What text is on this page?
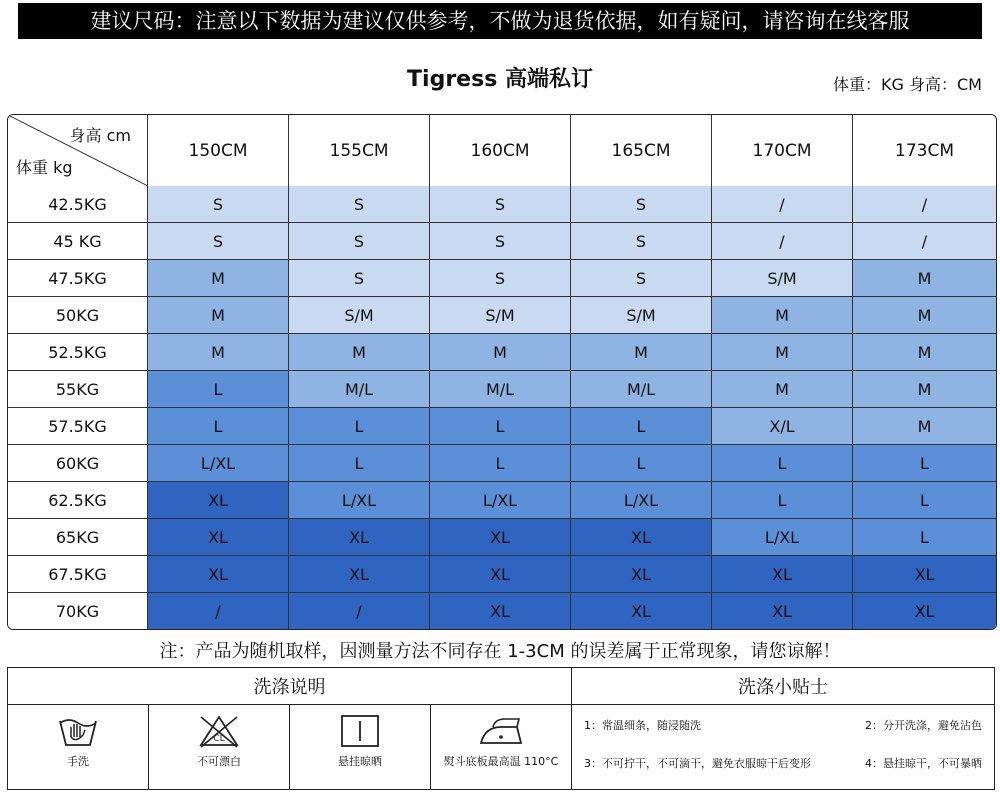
建议尺码：注意以下数据为建议仅供参考，不做为退货依据，如有疑问，请咨询在线客服
Tigress 高端私订	体重：KG 身高：CM
身高 cm
体重 kg	150CM	155CM	160CM	165CM	170CM	173CM
42.5KG	S	S	S	S	/	/
45 KG	S	S	S	S	/	/
47.5KG	M	S	S	S	S/M	M
50KG	M	S/M	S/M	S/M	M	M
52.5KG	M	M	M	M	M	M
55KG	L	M/L	M/L	M/L	M	M
57.5KG	L	L	L	L	X/L	M
60KG	L/XL	L	L	L	L	L
62.5KG	XL	L/XL	L/XL	L/XL	L	L
65KG	XL	XL	XL	XL	L/XL	L
67.5KG	XL	XL	XL	XL	XL	XL
70KG	/	/	XL	XL	XL	XL
注：产品为随机取样，因测量方法不同存在 1-3CM 的误差属于正常现象，请您谅解！
洗涤说明				洗涤小贴士

手洗	CL
不可漂白	悬挂晾晒	熨斗底板最高温 110°C	1：常温细条，随浸随洗 2：分开洗涤，避免沾色
3：不可拧干，不可滴干，避免衣服晾干后变形 4：悬挂晾干，不可暴晒
